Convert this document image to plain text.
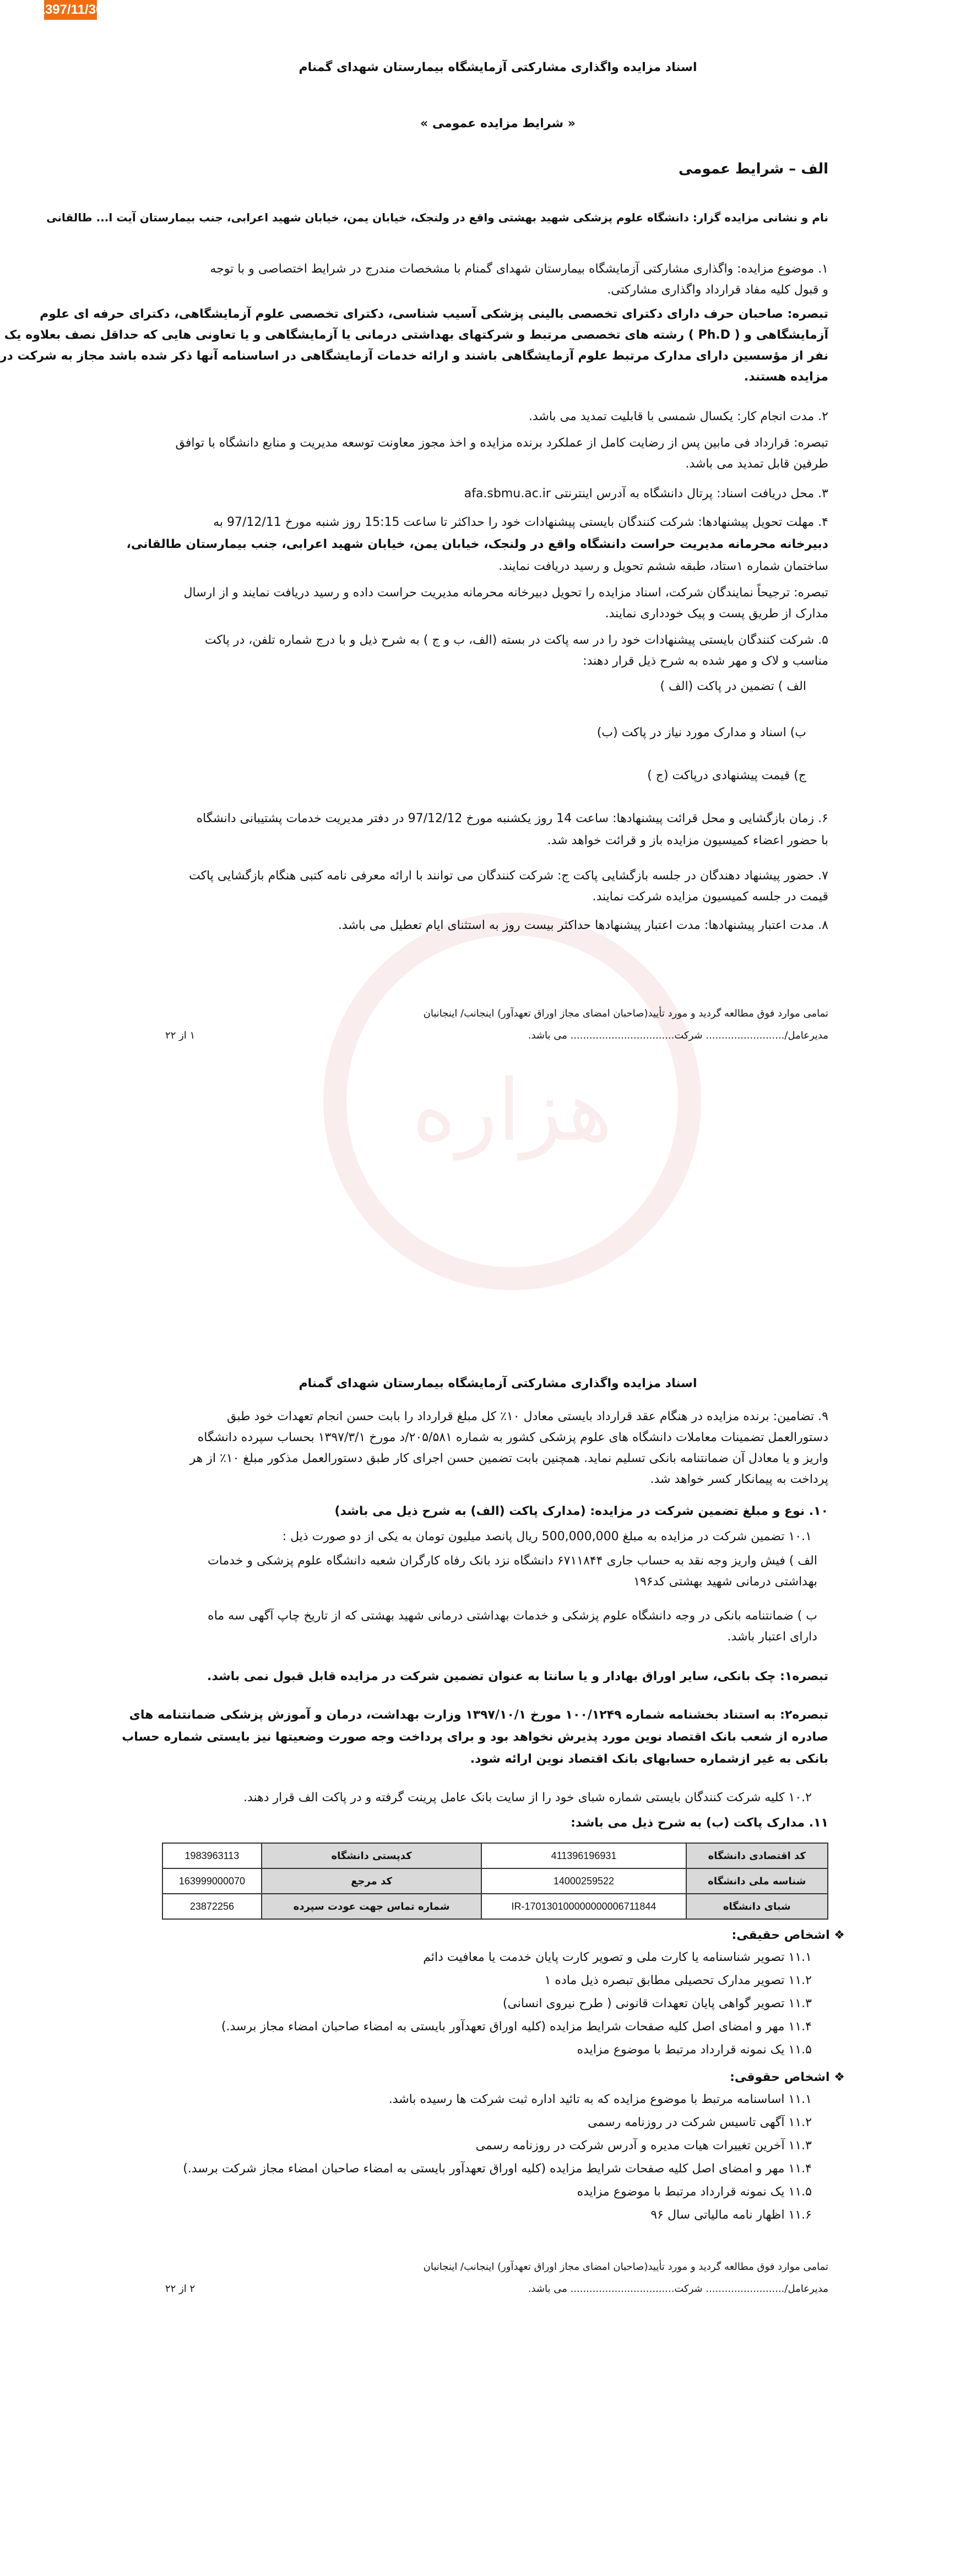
1397/11/30
هزاره
اسناد مزایده واگذاری مشارکتی آزمایشگاه بیمارستان شهدای گمنام
« شرایط مزایده عمومی »
الف – شرایط عمومی
نام و نشانی مزایده گزار: دانشگاه علوم پزشکی شهید بهشتی واقع در ولنجک، خیابان یمن، خیابان شهید اعرابی، جنب بیمارستان آیت ا... طالقانی
۱. موضوع مزایده: واگذاری مشارکتی آزمایشگاه بیمارستان شهدای گمنام با مشخصات مندرج در شرایط اختصاصی و با توجه
و قبول کلیه مفاد قرارداد واگذاری مشارکتی.
تبصره: صاحبان حرف دارای دکترای تخصصی بالینی پزشکی آسیب شناسی، دکترای تخصصی علوم آزمایشگاهی، دکترای حرفه ای علوم
آزمایشگاهی و ( Ph.D ) رشته های تخصصی مرتبط و شرکتهای بهداشتی درمانی یا آزمایشگاهی و یا تعاونی هایی که حداقل نصف بعلاوه یک
نفر از مؤسسین دارای مدارک مرتبط علوم آزمایشگاهی باشند و ارائه خدمات آزمایشگاهی در اساسنامه آنها ذکر شده باشد مجاز به شرکت در
مزایده هستند.
۲. مدت انجام کار: یکسال شمسی با قابلیت تمدید می باشد.
تبصره: قرارداد فی مابین پس از رضایت کامل از عملکرد برنده مزایده و اخذ مجوز معاونت توسعه مدیریت و منابع دانشگاه با توافق
طرفین قابل تمدید می باشد.
۳. محل دریافت اسناد: پرتال دانشگاه به آدرس اینترنتی afa.sbmu.ac.ir
۴. مهلت تحویل پیشنهادها: شرکت کنندگان بایستی پیشنهادات خود را حداکثر تا ساعت 15:15 روز شنبه مورخ 97/12/11 به
دبیرخانه محرمانه مدیریت حراست دانشگاه واقع در ولنجک، خیابان یمن، خیابان شهید اعرابی، جنب بیمارستان طالقانی،
ساختمان شماره ۱ستاد، طبقه ششم تحویل و رسید دریافت نمایند.
تبصره: ترجیحاً نمایندگان شرکت، اسناد مزایده را تحویل دبیرخانه محرمانه مدیریت حراست داده و رسید دریافت نمایند و از ارسال
مدارک از طریق پست و پیک خودداری نمایند.
۵. شرکت کنندگان بایستی پیشنهادات خود را در سه پاکت در بسته (الف، ب و ج ) به شرح ذیل و با درج شماره تلفن، در پاکت
مناسب و لاک و مهر شده به شرح ذیل قرار دهند:
الف ) تضمین در پاکت (الف )
ب) اسناد و مدارک مورد نیاز در پاکت (ب)
ج) قیمت پیشنهادی درپاکت (ج )
۶. زمان بازگشایی و محل قرائت پیشنهادها: ساعت 14 روز یکشنبه مورخ 97/12/12 در دفتر مدیریت خدمات پشتیبانی دانشگاه
با حضور اعضاء کمیسیون مزایده باز و قرائت خواهد شد.
۷. حضور پیشنهاد دهندگان در جلسه بازگشایی پاکت ج: شرکت کنندگان می توانند با ارائه معرفی نامه کتبی هنگام بازگشایی پاکت
قیمت در جلسه کمیسیون مزایده شرکت نمایند.
۸. مدت اعتبار پیشنهادها: مدت اعتبار پیشنهادها حداکثر بیست روز به استثنای ایام تعطیل می باشد.
تمامی موارد فوق مطالعه گردید و مورد تأیید(صاحبان امضای مجاز اوراق تعهدآور) اینجانب/ اینجانبان
مدیرعامل/......................... شرکت................................. می باشد.
۱ از ۲۲
اسناد مزایده واگذاری مشارکتی آزمایشگاه بیمارستان شهدای گمنام
۹. تضامین: برنده مزایده در هنگام عقد قرارداد بایستی معادل ۱۰٪ کل مبلغ قرارداد را بابت حسن انجام تعهدات خود طبق
دستورالعمل تضمینات معاملات دانشگاه های علوم پزشکی کشور به شماره ۲۰۵/۵۸۱/د مورخ ۱۳۹۷/۳/۱ بحساب سپرده دانشگاه
واریز و یا معادل آن ضمانتنامه بانکی تسلیم نماید. همچنین بابت تضمین حسن اجرای کار طبق دستورالعمل مذکور مبلغ ۱۰٪ از هر
پرداخت به پیمانکار کسر خواهد شد.
۱۰. نوع و مبلغ تضمین شرکت در مزایده: (مدارک پاکت (الف) به شرح ذیل می باشد)
۱۰.۱ تضمین شرکت در مزایده به مبلغ 500,000,000 ریال پانصد میلیون تومان به یکی از دو صورت ذیل :
الف ) فیش واریز وجه نقد به حساب جاری ۶۷۱۱۸۴۴ دانشگاه نزد بانک رفاه کارگران شعبه دانشگاه علوم پزشکی و خدمات
بهداشتی درمانی شهید بهشتی کد۱۹۶
ب ) ضمانتنامه بانکی در وجه دانشگاه علوم پزشکی و خدمات بهداشتی درمانی شهید بهشتی که از تاریخ چاپ آگهی سه ماه
دارای اعتبار باشد.
تبصره۱: چک بانکی، سایر اوراق بهادار و یا سانتا به عنوان تضمین شرکت در مزایده قابل قبول نمی باشد.
تبصره۲: به استناد بخشنامه شماره ۱۰۰/۱۲۴۹ مورخ ۱۳۹۷/۱۰/۱ وزارت بهداشت، درمان و آموزش پزشکی ضمانتنامه های
صادره از شعب بانک اقتصاد نوین مورد پذیرش نخواهد بود و برای پرداخت وجه صورت وضعیتها نیز بایستی شماره حساب
بانکی به غیر ازشماره حسابهای بانک اقتصاد نوین ارائه شود.
۱۰.۲ کلیه شرکت کنندگان بایستی شماره شبای خود را از سایت بانک عامل پرینت گرفته و در پاکت الف قرار دهند.
۱۱. مدارک پاکت (ب) به شرح ذیل می باشد:
کد اقتصادی دانشگاه	411396196931	کدپستی دانشگاه	1983963113
شناسه ملی دانشگاه	14000259522	کد مرجع	163999000070
شبای دانشگاه	IR-170130100000000006711844	شماره تماس جهت عودت سپرده	23872256
❖ اشخاص حقیقی:
۱۱.۱ تصویر شناسنامه یا کارت ملی و تصویر کارت پایان خدمت یا معافیت دائم
۱۱.۲ تصویر مدارک تحصیلی مطابق تبصره ذیل ماده ۱
۱۱.۳ تصویر گواهی پایان تعهدات قانونی ( طرح نیروی انسانی)
۱۱.۴ مهر و امضای اصل کلیه صفحات شرایط مزایده (کلیه اوراق تعهدآور بایستی به امضاء صاحبان امضاء مجاز برسد.)
۱۱.۵ یک نمونه قرارداد مرتبط با موضوع مزایده
❖ اشخاص حقوقی:
۱۱.۱ اساسنامه مرتبط با موضوع مزایده که به تائید اداره ثبت شرکت ها رسیده باشد.
۱۱.۲ آگهی تاسیس شرکت در روزنامه رسمی
۱۱.۳ آخرین تغییرات هیات مدیره و آدرس شرکت در روزنامه رسمی
۱۱.۴ مهر و امضای اصل کلیه صفحات شرایط مزایده (کلیه اوراق تعهدآور بایستی به امضاء صاحبان امضاء مجاز شرکت برسد.)
۱۱.۵ یک نمونه قرارداد مرتبط با موضوع مزایده
۱۱.۶ اظهار نامه مالیاتی سال ۹۶
تمامی موارد فوق مطالعه گردید و مورد تأیید(صاحبان امضای مجاز اوراق تعهدآور) اینجانب/ اینجانبان
مدیرعامل/......................... شرکت................................. می باشد.
۲ از ۲۲
